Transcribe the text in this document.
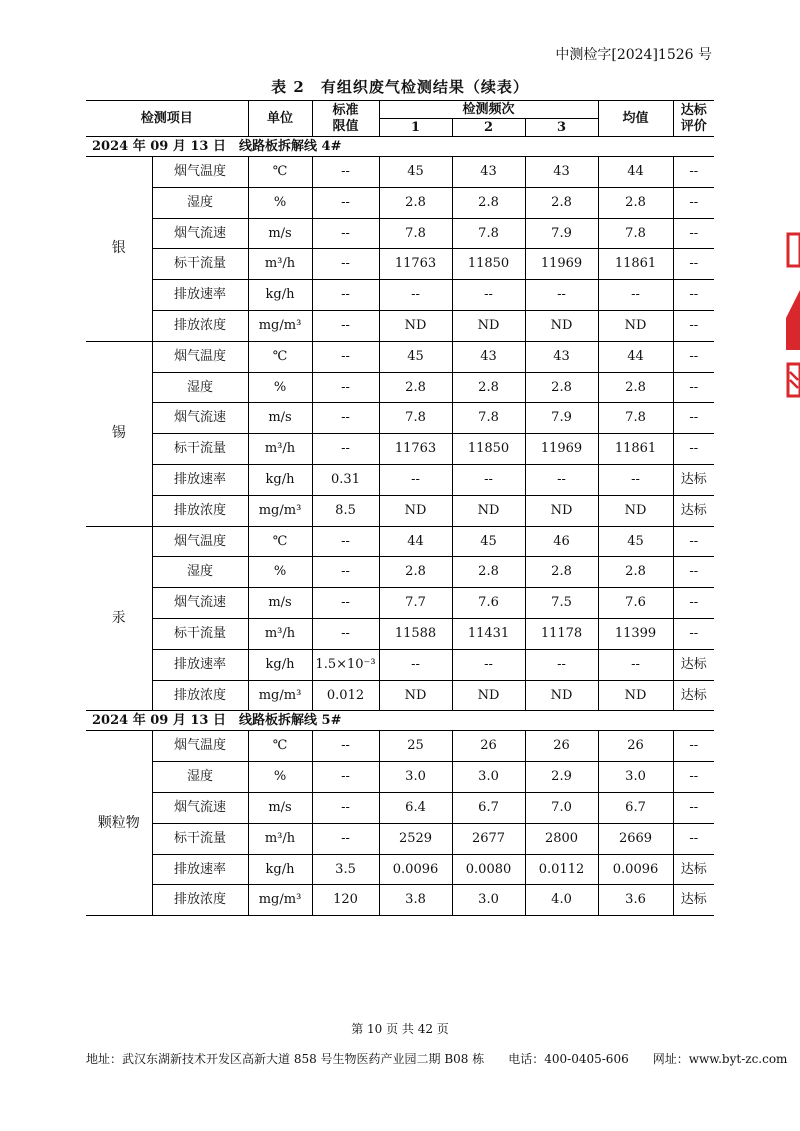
中测检字[2024]1526 号
表 2　有组织废气检测结果（续表）
检测项目		单位	标准限值	检测频次			均值	达标评价
				1	2	3		
2024 年 09 月 13 日　线路板拆解线 4#								
银	烟气温度	℃	--	45	43	43	44	--
	湿度	%	--	2.8	2.8	2.8	2.8	--
	烟气流速	m/s	--	7.8	7.8	7.9	7.8	--
	标干流量	m³/h	--	11763	11850	11969	11861	--
	排放速率	kg/h	--	--	--	--	--	--
	排放浓度	mg/m³	--	ND	ND	ND	ND	--
锡	烟气温度	℃	--	45	43	43	44	--
	湿度	%	--	2.8	2.8	2.8	2.8	--
	烟气流速	m/s	--	7.8	7.8	7.9	7.8	--
	标干流量	m³/h	--	11763	11850	11969	11861	--
	排放速率	kg/h	0.31	--	--	--	--	达标
	排放浓度	mg/m³	8.5	ND	ND	ND	ND	达标
汞	烟气温度	℃	--	44	45	46	45	--
	湿度	%	--	2.8	2.8	2.8	2.8	--
	烟气流速	m/s	--	7.7	7.6	7.5	7.6	--
	标干流量	m³/h	--	11588	11431	11178	11399	--
	排放速率	kg/h	1.5×10⁻³	--	--	--	--	达标
	排放浓度	mg/m³	0.012	ND	ND	ND	ND	达标
2024 年 09 月 13 日　线路板拆解线 5#								
颗粒物	烟气温度	℃	--	25	26	26	26	--
	湿度	%	--	3.0	3.0	2.9	3.0	--
	烟气流速	m/s	--	6.4	6.7	7.0	6.7	--
	标干流量	m³/h	--	2529	2677	2800	2669	--
	排放速率	kg/h	3.5	0.0096	0.0080	0.0112	0.0096	达标
	排放浓度	mg/m³	120	3.8	3.0	4.0	3.6	达标
第 10 页 共 42 页
地址：武汉东湖新技术开发区高新大道 858 号生物医药产业园二期 B08 栋　　电话：400-0405-606　　网址：www.byt-zc.com
